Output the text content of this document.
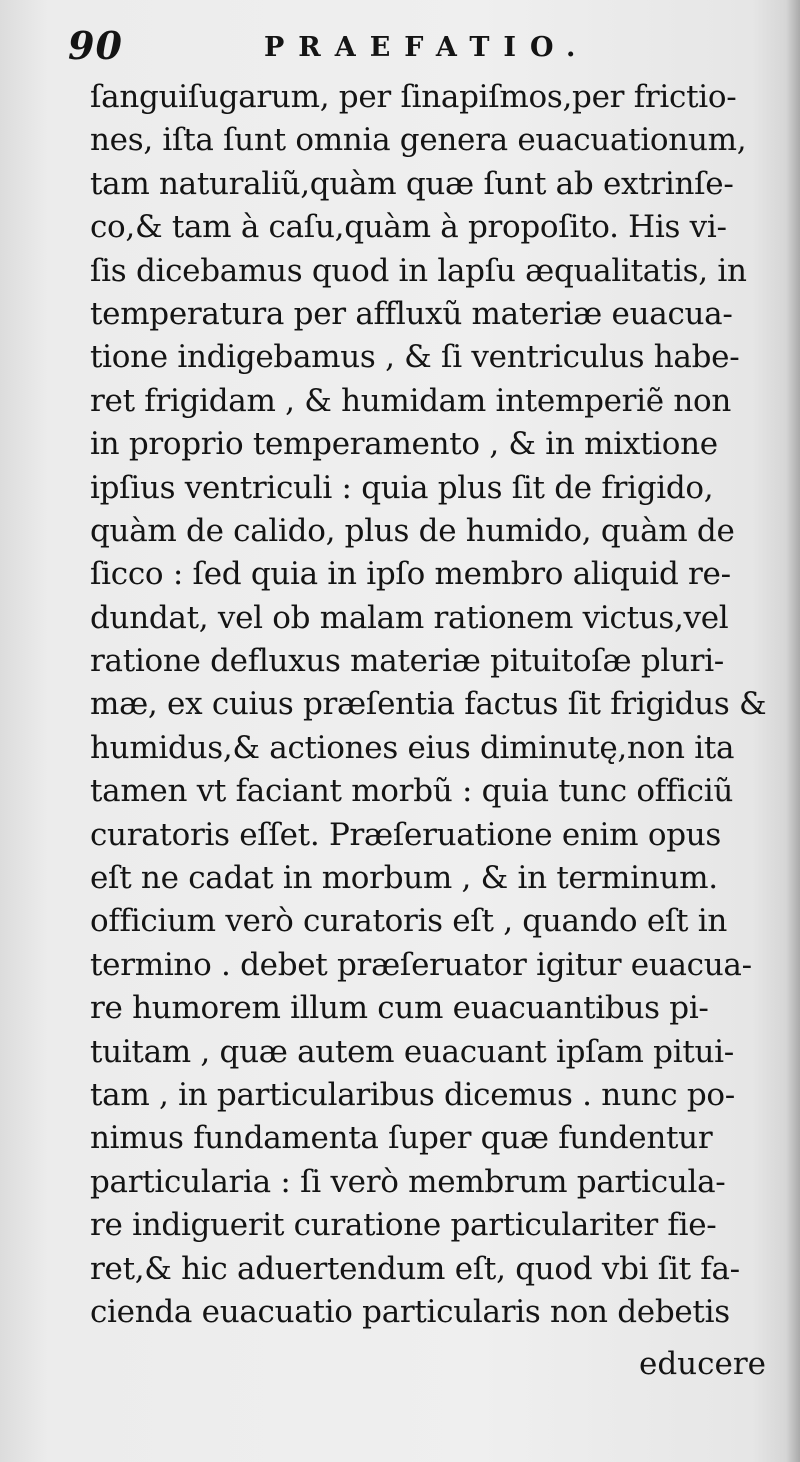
90	PRAEFATIO.
ſanguiſugarum, per ſinapiſmos,per frictio-
nes, iſta ſunt omnia genera euacuationum,
tam naturaliũ,quàm quæ ſunt ab extrinſe-
co,& tam à caſu,quàm à propoſito. His vi-
ſis dicebamus quod in lapſu æqualitatis, in
temperatura per affluxũ materiæ euacua-
tione indigebamus , & ſi ventriculus habe-
ret frigidam , & humidam intemperiẽ non
in proprio temperamento , & in mixtione
ipſius ventriculi : quia plus ſit de frigido,
quàm de calido, plus de humido, quàm de
ſicco : ſed quia in ipſo membro aliquid re-
dundat, vel ob malam rationem victus,vel
ratione defluxus materiæ pituitoſæ pluri-
mæ, ex cuius præſentia factus ſit frigidus &
humidus,& actiones eius diminutę,non ita
tamen vt faciant morbũ : quia tunc officiũ
curatoris eſſet. Præſeruatione enim opus
eſt ne cadat in morbum , & in terminum.
officium verò curatoris eſt , quando eſt in
termino . debet præſeruator igitur euacua-
re humorem illum cum euacuantibus pi-
tuitam , quæ autem euacuant ipſam pitui-
tam , in particularibus dicemus . nunc po-
nimus fundamenta ſuper quæ fundentur
particularia : ſi verò membrum particula-
re indiguerit curatione particulariter fie-
ret,& hic aduertendum eſt, quod vbi ſit fa-
cienda euacuatio particularis non debetis
educere
